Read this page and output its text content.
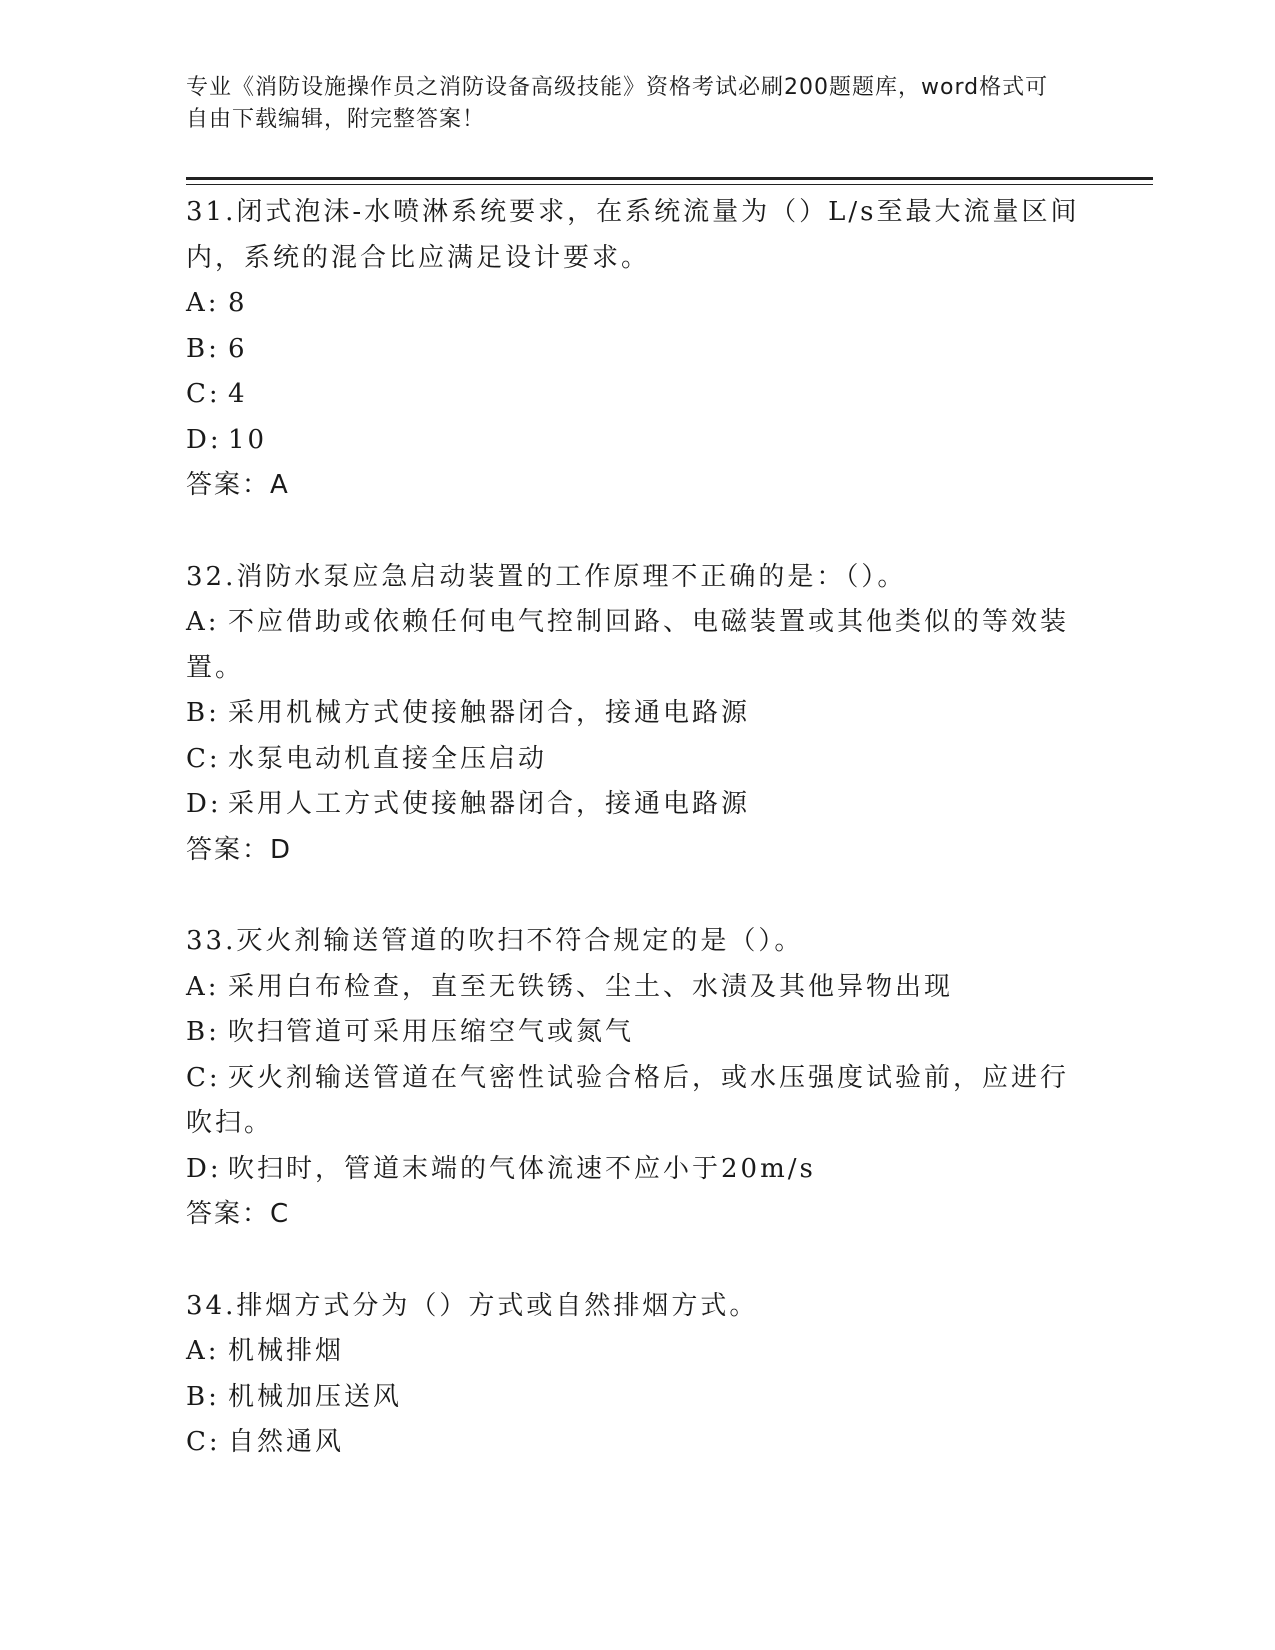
专业《消防设施操作员之消防设备高级技能》资格考试必刷200题题库，word格式可自由下载编辑，附完整答案！
31.闭式泡沫-水喷淋系统要求，在系统流量为（）L/s至最大流量区间内，系统的混合比应满足设计要求。
A: 8
B: 6
C: 4
D: 10
答案：A
32.消防水泵应急启动装置的工作原理不正确的是：（）。
A: 不应借助或依赖任何电气控制回路、电磁装置或其他类似的等效装置。
B: 采用机械方式使接触器闭合，接通电路源
C: 水泵电动机直接全压启动
D: 采用人工方式使接触器闭合，接通电路源
答案：D
33.灭火剂输送管道的吹扫不符合规定的是（）。
A: 采用白布检查，直至无铁锈、尘土、水渍及其他异物出现
B: 吹扫管道可采用压缩空气或氮气
C: 灭火剂输送管道在气密性试验合格后，或水压强度试验前，应进行吹扫。
D: 吹扫时，管道末端的气体流速不应小于20m/s
答案：C
34.排烟方式分为（）方式或自然排烟方式。
A: 机械排烟
B: 机械加压送风
C: 自然通风
